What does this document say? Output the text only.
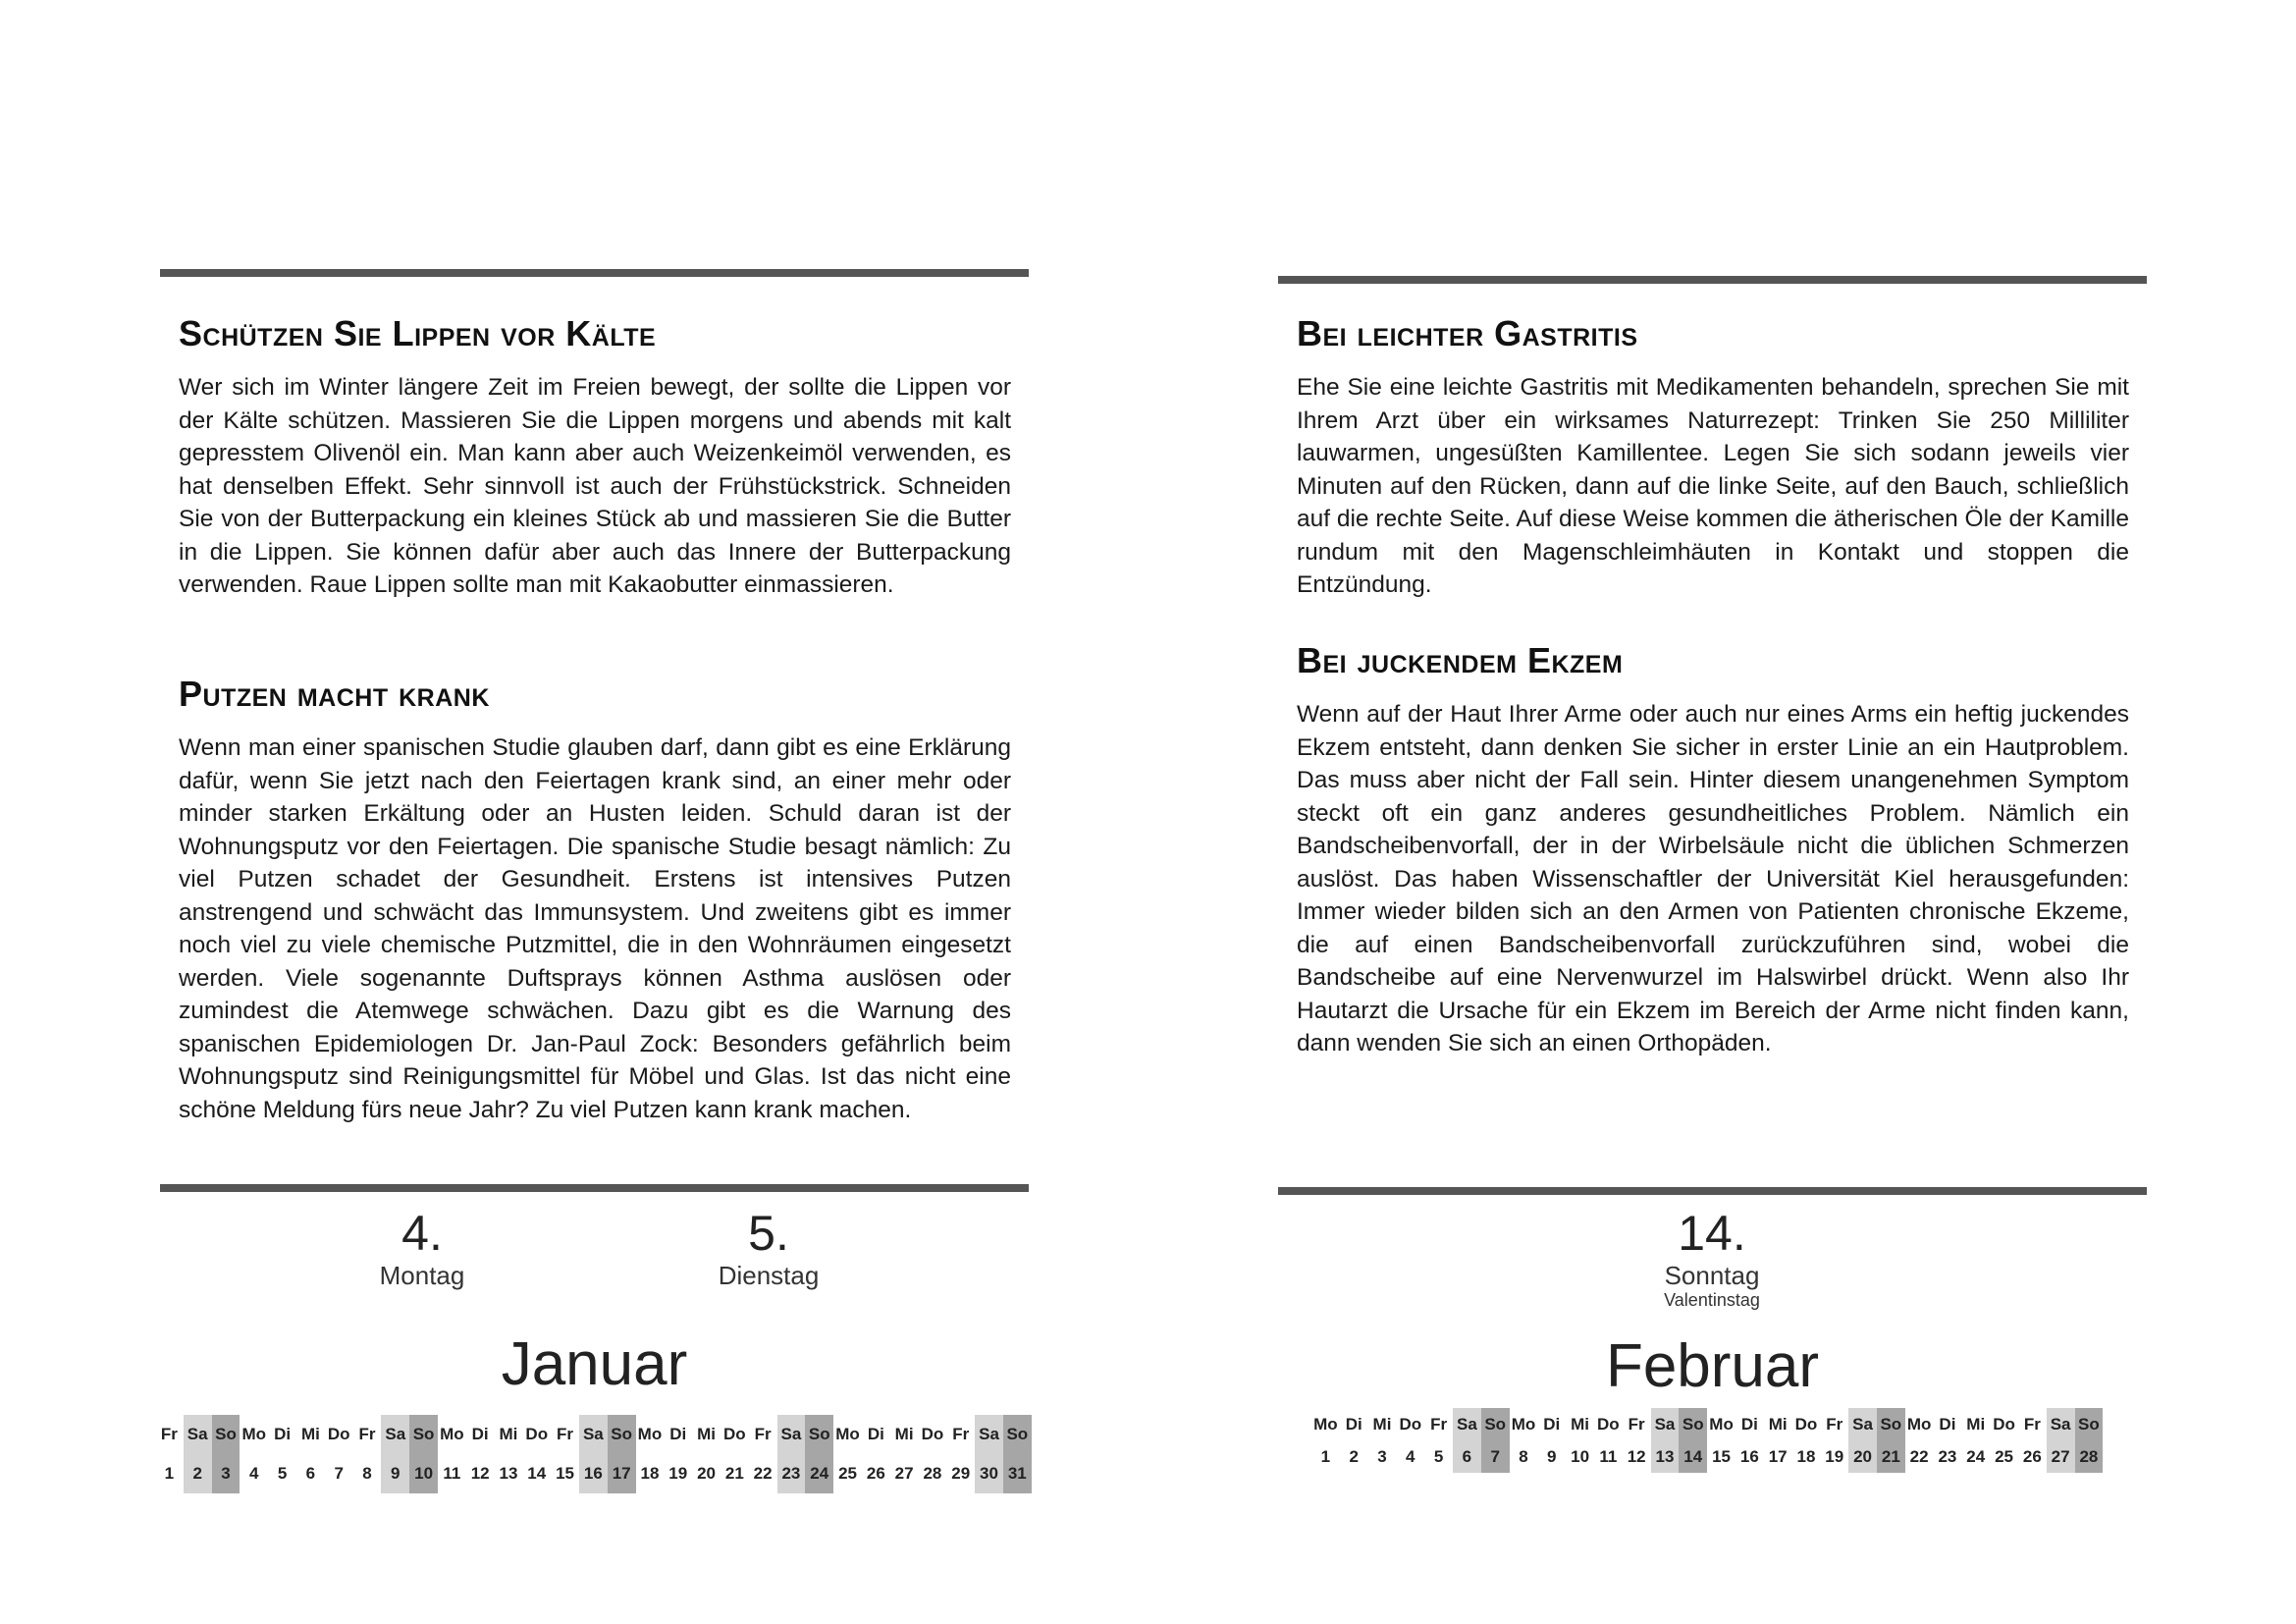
Schützen Sie Lippen vor Kälte

Wer sich im Winter längere Zeit im Freien bewegt, der sollte die Lippen vor der Kälte schützen. Massieren Sie die Lippen morgens und abends mit kalt gepresstem Olivenöl ein. Man kann aber auch Weizenkeimöl verwenden, es hat denselben Effekt. Sehr sinnvoll ist auch der Frühstückstrick. Schneiden Sie von der Butterpackung ein kleines Stück ab und massieren Sie die Butter in die Lippen. Sie können dafür aber auch das Innere der Butterpackung verwenden. Raue Lippen sollte man mit Kakaobutter einmassieren.

Putzen macht krank

Wenn man einer spanischen Studie glauben darf, dann gibt es eine Erklärung dafür, wenn Sie jetzt nach den Feiertagen krank sind, an einer mehr oder minder starken Erkältung oder an Husten leiden. Schuld daran ist der Wohnungsputz vor den Feiertagen. Die spanische Studie besagt nämlich: Zu viel Putzen schadet der Gesundheit. Erstens ist intensives Putzen anstrengend und schwächt das Immunsystem. Und zweitens gibt es immer noch viel zu viele chemische Putzmittel, die in den Wohnräumen eingesetzt werden. Viele sogenannte Duftsprays können Asthma auslösen oder zumindest die Atemwege schwächen. Dazu gibt es die Warnung des spanischen Epidemiologen Dr. Jan-Paul Zock: Besonders gefährlich beim Wohnungsputz sind Reinigungsmittel für Möbel und Glas. Ist das nicht eine schöne Meldung fürs neue Jahr? Zu viel Putzen kann krank machen.

4.
Montag
5.
Dienstag
Januar
Fr
1
Sa
2
So
3
Mo
4
Di
5
Mi
6
Do
7
Fr
8
Sa
9
So
10
Mo
11
Di
12
Mi
13
Do
14
Fr
15
Sa
16
So
17
Mo
18
Di
19
Mi
20
Do
21
Fr
22
Sa
23
So
24
Mo
25
Di
26
Mi
27
Do
28
Fr
29
Sa
30
So
31
Bei leichter Gastritis

Ehe Sie eine leichte Gastritis mit Medikamenten behandeln, sprechen Sie mit Ihrem Arzt über ein wirksames Naturrezept: Trinken Sie 250 Milliliter lauwarmen, ungesüßten Kamillentee. Legen Sie sich sodann jeweils vier Minuten auf den Rücken, dann auf die linke Seite, auf den Bauch, schließlich auf die rechte Seite. Auf diese Weise kommen die ätherischen Öle der Kamille rundum mit den Magenschleimhäuten in Kontakt und stoppen die Entzündung.

Bei juckendem Ekzem

Wenn auf der Haut Ihrer Arme oder auch nur eines Arms ein heftig juckendes Ekzem entsteht, dann denken Sie sicher in erster Linie an ein Hautproblem. Das muss aber nicht der Fall sein. Hinter diesem unangenehmen Symptom steckt oft ein ganz anderes gesundheitliches Problem. Nämlich ein Bandscheibenvorfall, der in der Wirbelsäule nicht die üblichen Schmerzen auslöst. Das haben Wissenschaftler der Universität Kiel herausgefunden: Immer wieder bilden sich an den Armen von Patienten chronische Ekzeme, die auf einen Bandscheibenvorfall zurückzuführen sind, wobei die Bandscheibe auf eine Nervenwurzel im Halswirbel drückt. Wenn also Ihr Hautarzt die Ursache für ein Ekzem im Bereich der Arme nicht finden kann, dann wenden Sie sich an einen Orthopäden.

14.
Sonntag
Valentinstag
Februar
Mo
1
Di
2
Mi
3
Do
4
Fr
5
Sa
6
So
7
Mo
8
Di
9
Mi
10
Do
11
Fr
12
Sa
13
So
14
Mo
15
Di
16
Mi
17
Do
18
Fr
19
Sa
20
So
21
Mo
22
Di
23
Mi
24
Do
25
Fr
26
Sa
27
So
28
